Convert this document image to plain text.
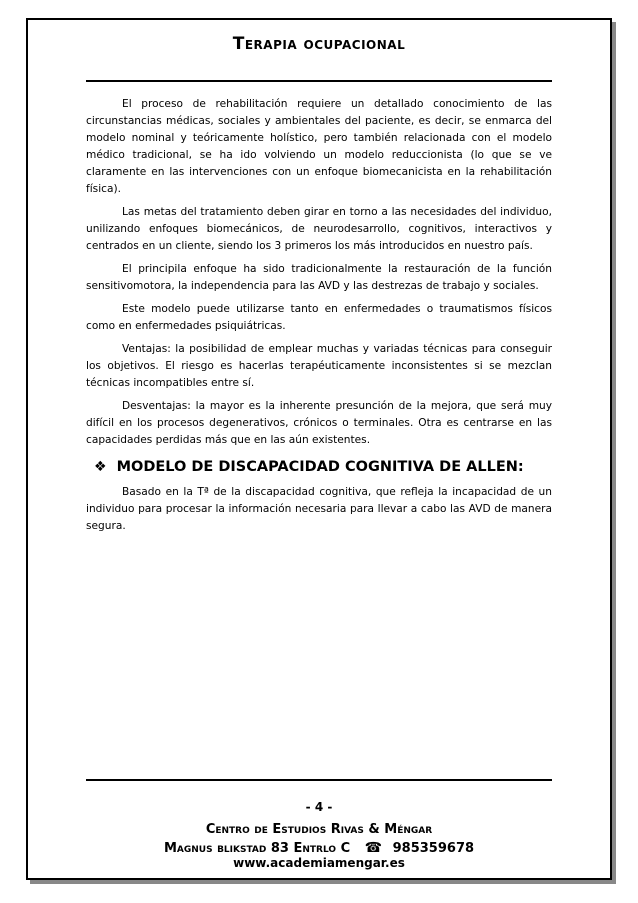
Terapia ocupacional

El proceso de rehabilitación requiere un detallado conocimiento de las circunstancias médicas, sociales y ambientales del paciente, es decir, se enmarca del modelo nominal y teóricamente holístico, pero también relacionada con el modelo médico tradicional, se ha ido volviendo un modelo reduccionista (lo que se ve claramente en las intervenciones con un enfoque biomecanicista en la rehabilitación física).

Las metas del tratamiento deben girar en torno a las necesidades del individuo, unilizando enfoques biomecánicos, de neurodesarrollo, cognitivos, interactivos y centrados en un cliente, siendo los 3 primeros los más introducidos en nuestro país.

El principila enfoque ha sido tradicionalmente la restauración de la función sensitivomotora, la independencia para las AVD y las destrezas de trabajo y sociales.

Este modelo puede utilizarse tanto en enfermedades o traumatismos físicos como en enfermedades psiquiátricas.

Ventajas: la posibilidad de emplear muchas y variadas técnicas para conseguir los objetivos. El riesgo es hacerlas terapéuticamente inconsistentes si se mezclan técnicas incompatibles entre sí.

Desventajas: la mayor es la inherente presunción de la mejora, que será muy difícil en los procesos degenerativos, crónicos o terminales. Otra es centrarse en las capacidades perdidas más que en las aún existentes.

❖ MODELO DE DISCAPACIDAD COGNITIVA DE ALLEN:

Basado en la Tª de la discapacidad cognitiva, que refleja la incapacidad de un individuo para procesar la información necesaria para llevar a cabo las AVD de manera segura.

- 4 -
Centro de Estudios Rivas & Méngar
Magnus blikstad 83 Entrlo C ☎ 985359678
www.academiamengar.es
